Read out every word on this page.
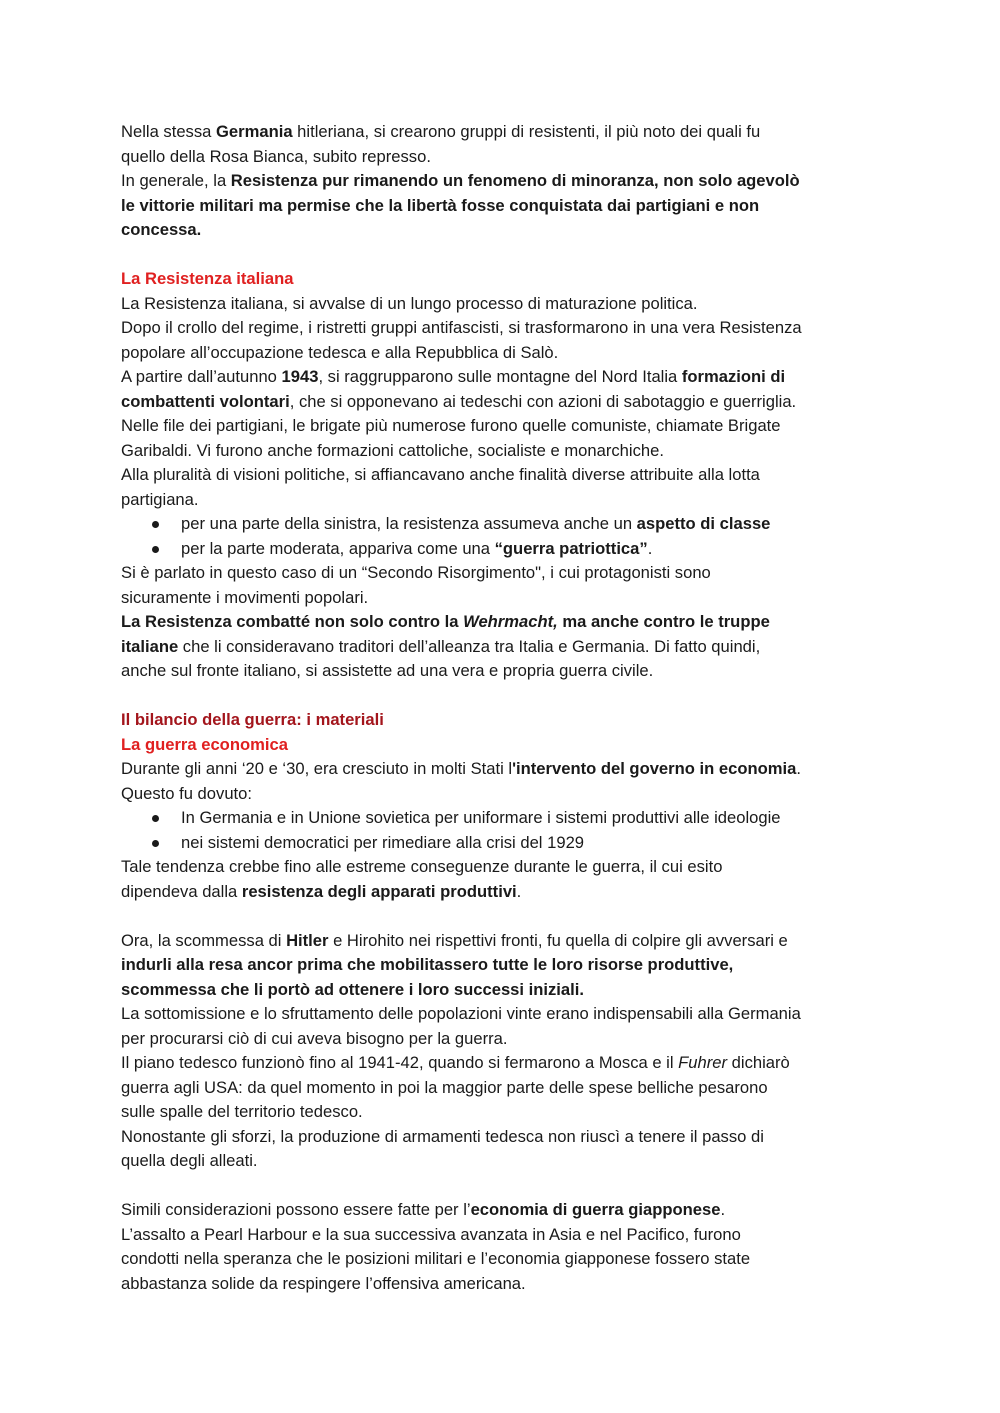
Nella stessa Germania hitleriana, si crearono gruppi di resistenti, il più noto dei quali fu
quello della Rosa Bianca, subito represso.
In generale, la Resistenza pur rimanendo un fenomeno di minoranza, non solo agevolò
le vittorie militari ma permise che la libertà fosse conquistata dai partigiani e non
concessa.
La Resistenza italiana
La Resistenza italiana, si avvalse di un lungo processo di maturazione politica.
Dopo il crollo del regime, i ristretti gruppi antifascisti, si trasformarono in una vera Resistenza
popolare all’occupazione tedesca e alla Repubblica di Salò.
A partire dall’autunno 1943, si raggrupparono sulle montagne del Nord Italia formazioni di
combattenti volontari, che si opponevano ai tedeschi con azioni di sabotaggio e guerriglia.
Nelle file dei partigiani, le brigate più numerose furono quelle comuniste, chiamate Brigate
Garibaldi. Vi furono anche formazioni cattoliche, socialiste e monarchiche.
Alla pluralità di visioni politiche, si affiancavano anche finalità diverse attribuite alla lotta
partigiana.
per una parte della sinistra, la resistenza assumeva anche un aspetto di classe
per la parte moderata, appariva come una “guerra patriottica”.
Si è parlato in questo caso di un “Secondo Risorgimento", i cui protagonisti sono
sicuramente i movimenti popolari.
La Resistenza combatté non solo contro la Wehrmacht, ma anche contro le truppe
italiane che li consideravano traditori dell’alleanza tra Italia e Germania. Di fatto quindi,
anche sul fronte italiano, si assistette ad una vera e propria guerra civile.
Il bilancio della guerra: i materiali
La guerra economica
Durante gli anni ‘20 e ‘30, era cresciuto in molti Stati l'intervento del governo in economia.
Questo fu dovuto:
In Germania e in Unione sovietica per uniformare i sistemi produttivi alle ideologie
nei sistemi democratici per rimediare alla crisi del 1929
Tale tendenza crebbe fino alle estreme conseguenze durante le guerra, il cui esito
dipendeva dalla resistenza degli apparati produttivi.
Ora, la scommessa di Hitler e Hirohito nei rispettivi fronti, fu quella di colpire gli avversari e
indurli alla resa ancor prima che mobilitassero tutte le loro risorse produttive,
scommessa che li portò ad ottenere i loro successi iniziali.
La sottomissione e lo sfruttamento delle popolazioni vinte erano indispensabili alla Germania
per procurarsi ciò di cui aveva bisogno per la guerra.
Il piano tedesco funzionò fino al 1941-42, quando si fermarono a Mosca e il Fuhrer dichiarò
guerra agli USA: da quel momento in poi la maggior parte delle spese belliche pesarono
sulle spalle del territorio tedesco.
Nonostante gli sforzi, la produzione di armamenti tedesca non riuscì a tenere il passo di
quella degli alleati.
Simili considerazioni possono essere fatte per l’economia di guerra giapponese.
L’assalto a Pearl Harbour e la sua successiva avanzata in Asia e nel Pacifico, furono
condotti nella speranza che le posizioni militari e l’economia giapponese fossero state
abbastanza solide da respingere l’offensiva americana.
